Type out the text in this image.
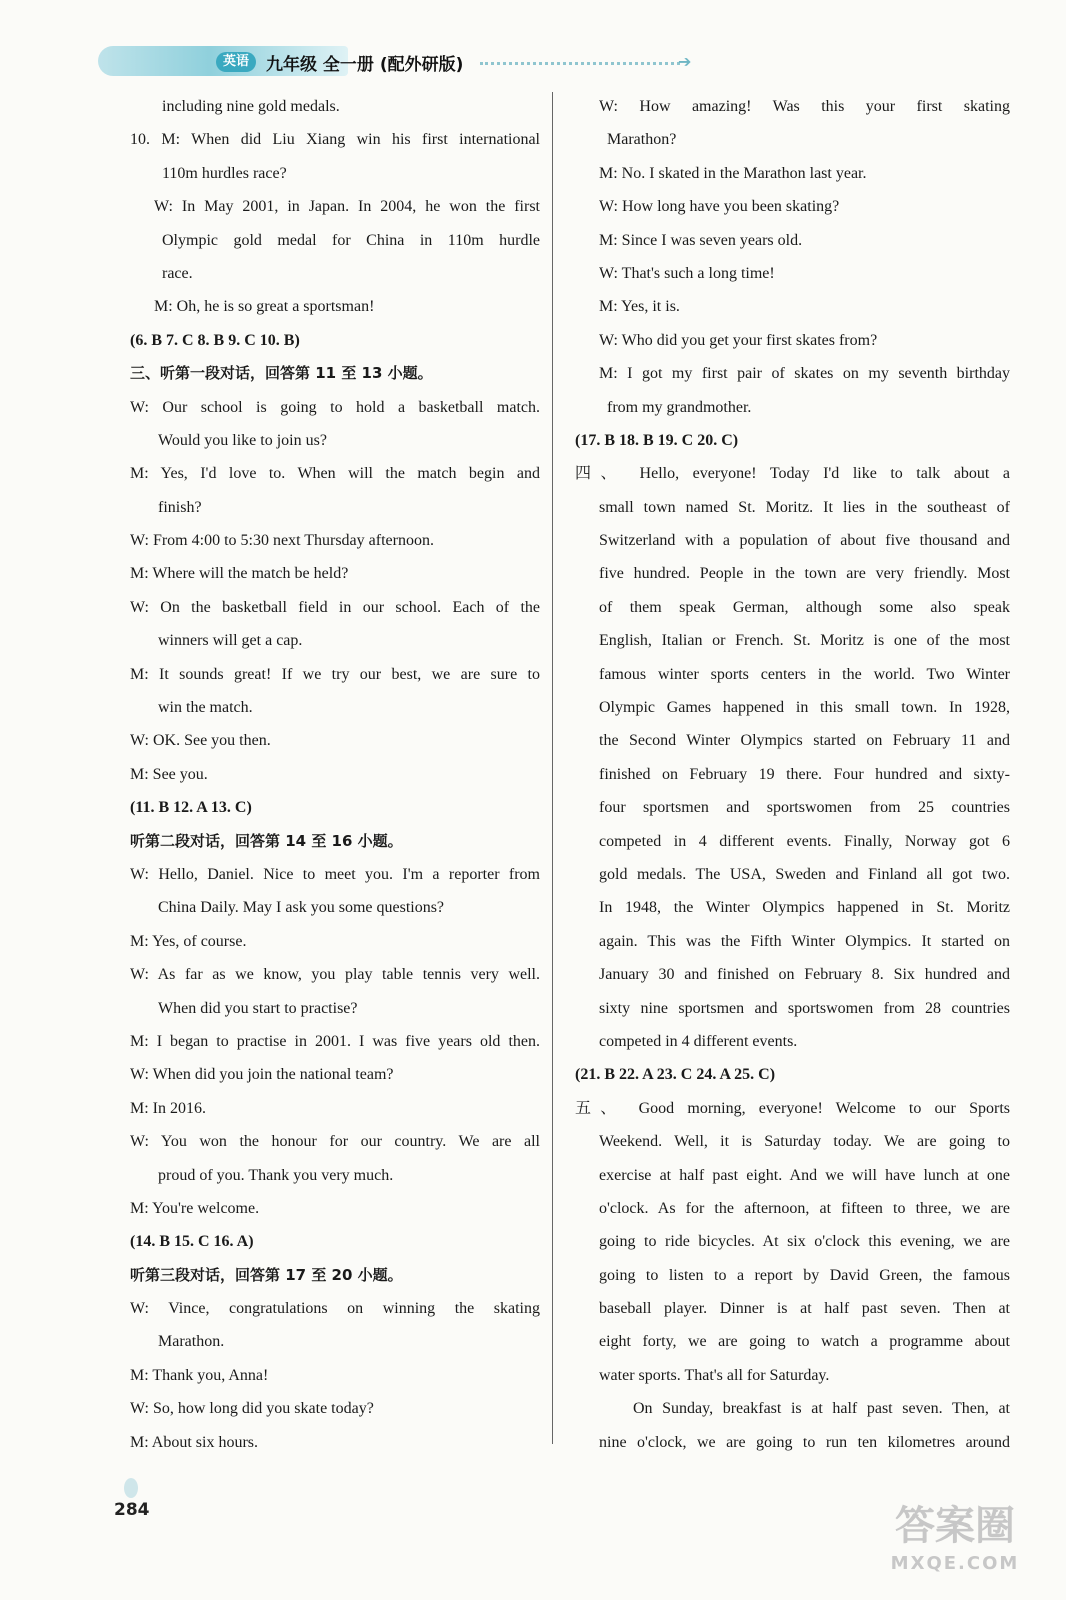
英语	九年级 全一册 (配外研版)	➔
including nine gold medals.
10. M: When did Liu Xiang win his first international
110m hurdles race?
W: In May 2001, in Japan. In 2004, he won the first
Olympic gold medal for China in 110m hurdle
race.
M: Oh, he is so great a sportsman!
(6. B 7. C 8. B 9. C 10. B)
三、听第一段对话，回答第 11 至 13 小题。
W: Our school is going to hold a basketball match.
Would you like to join us?
M: Yes, I'd love to. When will the match begin and
finish?
W: From 4:00 to 5:30 next Thursday afternoon.
M: Where will the match be held?
W: On the basketball field in our school. Each of the
winners will get a cap.
M: It sounds great! If we try our best, we are sure to
win the match.
W: OK. See you then.
M: See you.
(11. B 12. A 13. C)
听第二段对话，回答第 14 至 16 小题。
W: Hello, Daniel. Nice to meet you. I'm a reporter from
China Daily. May I ask you some questions?
M: Yes, of course.
W: As far as we know, you play table tennis very well.
When did you start to practise?
M: I began to practise in 2001. I was five years old then.
W: When did you join the national team?
M: In 2016.
W: You won the honour for our country. We are all
proud of you. Thank you very much.
M: You're welcome.
(14. B 15. C 16. A)
听第三段对话，回答第 17 至 20 小题。
W: Vince, congratulations on winning the skating
Marathon.
M: Thank you, Anna!
W: So, how long did you skate today?
M: About six hours.
W: How amazing! Was this your first skating
Marathon?
M: No. I skated in the Marathon last year.
W: How long have you been skating?
M: Since I was seven years old.
W: That's such a long time!
M: Yes, it is.
W: Who did you get your first skates from?
M: I got my first pair of skates on my seventh birthday
from my grandmother.
(17. B 18. B 19. C 20. C)
四、 Hello, everyone! Today I'd like to talk about a
small town named St. Moritz. It lies in the southeast of
Switzerland with a population of about five thousand and
five hundred. People in the town are very friendly. Most
of them speak German, although some also speak
English, Italian or French. St. Moritz is one of the most
famous winter sports centers in the world. Two Winter
Olympic Games happened in this small town. In 1928,
the Second Winter Olympics started on February 11 and
finished on February 19 there. Four hundred and sixty-
four sportsmen and sportswomen from 25 countries
competed in 4 different events. Finally, Norway got 6
gold medals. The USA, Sweden and Finland all got two.
In 1948, the Winter Olympics happened in St. Moritz
again. This was the Fifth Winter Olympics. It started on
January 30 and finished on February 8. Six hundred and
sixty nine sportsmen and sportswomen from 28 countries
competed in 4 different events.
(21. B 22. A 23. C 24. A 25. C)
五、 Good morning, everyone! Welcome to our Sports
Weekend. Well, it is Saturday today. We are going to
exercise at half past eight. And we will have lunch at one
o'clock. As for the afternoon, at fifteen to three, we are
going to ride bicycles. At six o'clock this evening, we are
going to listen to a report by David Green, the famous
baseball player. Dinner is at half past seven. Then at
eight forty, we are going to watch a programme about
water sports. That's all for Saturday.
On Sunday, breakfast is at half past seven. Then, at
nine o'clock, we are going to run ten kilometres around
284	答案圈
MXQE.COM
